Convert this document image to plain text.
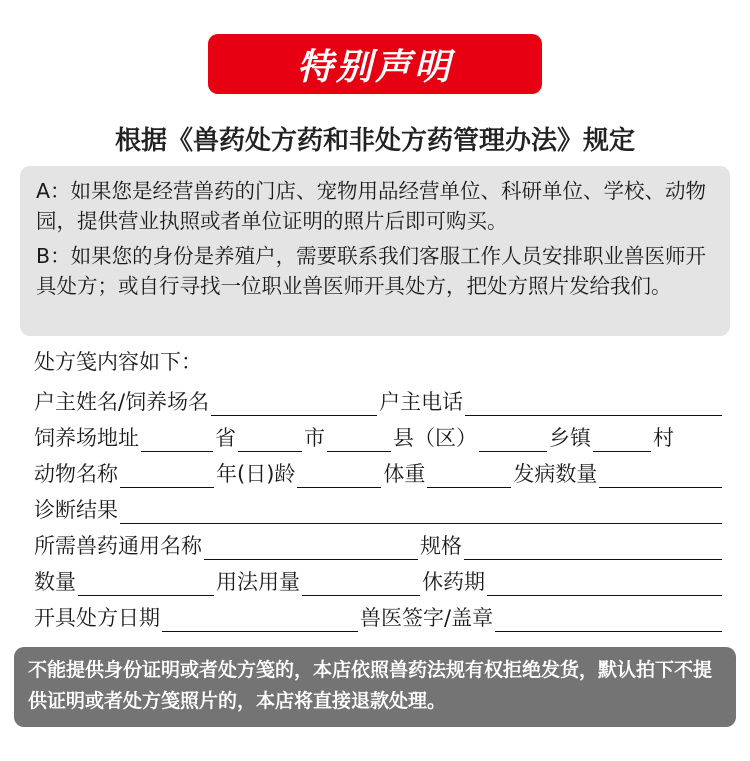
特别声明
根据《兽药处方药和非处方药管理办法》规定

A：如果您是经营兽药的门店、宠物用品经营单位、科研单位、学校、动物园，提供营业执照或者单位证明的照片后即可购买。

B：如果您的身份是养殖户，需要联系我们客服工作人员安排职业兽医师开具处方；或自行寻找一位职业兽医师开具处方，把处方照片发给我们。

处方笺内容如下：
户主姓名/饲养场名	户主电话
饲养场地址	省	市	县（区）	乡镇	村
动物名称	年(日)龄	体重	发病数量
诊断结果
所需兽药通用名称	规格
数量	用法用量	休药期
开具处方日期	兽医签字/盖章
不能提供身份证明或者处方笺的，本店依照兽药法规有权拒绝发货，默认拍下不提供证明或者处方笺照片的，本店将直接退款处理。
